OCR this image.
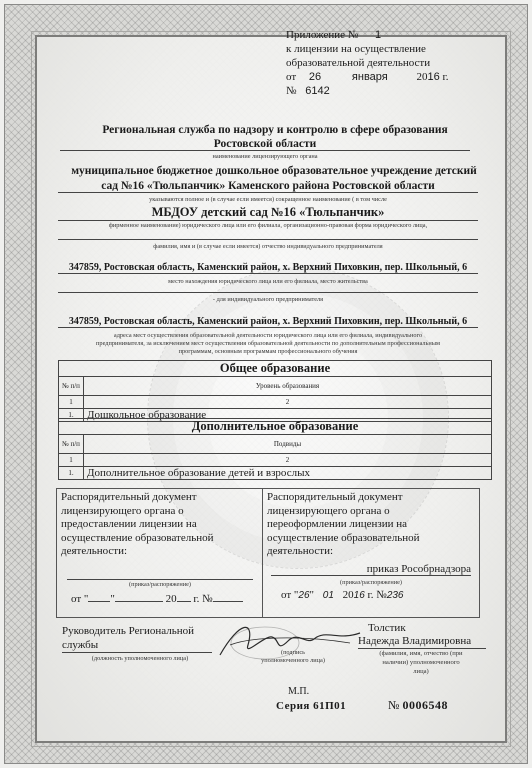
Приложение № 1
к лицензии на осуществление
образовательной деятельности
от 26	января	2016 г.
№ 6142
Региональная служба по надзору и контролю в сфере образования
Ростовской области
наименование лицензирующего органа
муниципальное бюджетное дошкольное образовательное учреждение детский
сад №16 «Тюльпанчик» Каменского района Ростовской области
указываются полное и (в случае если имеется) сокращенное наименование ( в том числе
МБДОУ детский сад №16 «Тюльпанчик»
фирменное наименование) юридического лица или его филиала, организационно-правовая форма юридического лица,
фамилия, имя и (в случае если имеется) отчество индивидуального предпринимателя
347859, Ростовская область, Каменский район, х. Верхний Пиховкин, пер. Школьный, 6
место нахождения юридического лица или его филиала, место жительства
- для индивидуального предпринимателя
347859, Ростовская область, Каменский район, х. Верхний Пиховкин, пер. Школьный, 6
адреса мест осуществления образовательной деятельности юридического лица или его филиала, индивидуального
предпринимателя, за исключением мест осуществления образовательной деятельности по дополнительным профессиональным
программам, основным программам профессионального обучения
Общее образование	
№ п/п	Уровень образования
1	2
1.	Дошкольное образование
Дополнительное образование	
№ п/п	Подвиды
1	2
1.	Дополнительное образование детей и взрослых
Распорядительный документ
лицензирующего органа о
предоставлении лицензии на
осуществление образовательной
деятельности:
(приказ/распоряжение)
от " "	20 г. №
Распорядительный документ
лицензирующего органа о
переоформлении лицензии на
осуществление образовательной
деятельности:
приказ Рособрнадзора
(приказ/распоряжение)
от "26" 01 2016 г. №236
Руководитель Региональной
службы
(должность уполномоченного лица)
(подпись
уполномоченного лица)
Толстик
Надежда Владимировна
(фамилия, имя, отчество (при
наличии) уполномоченного
лица)
М.П.
Серия 61П01	№ 0006548
